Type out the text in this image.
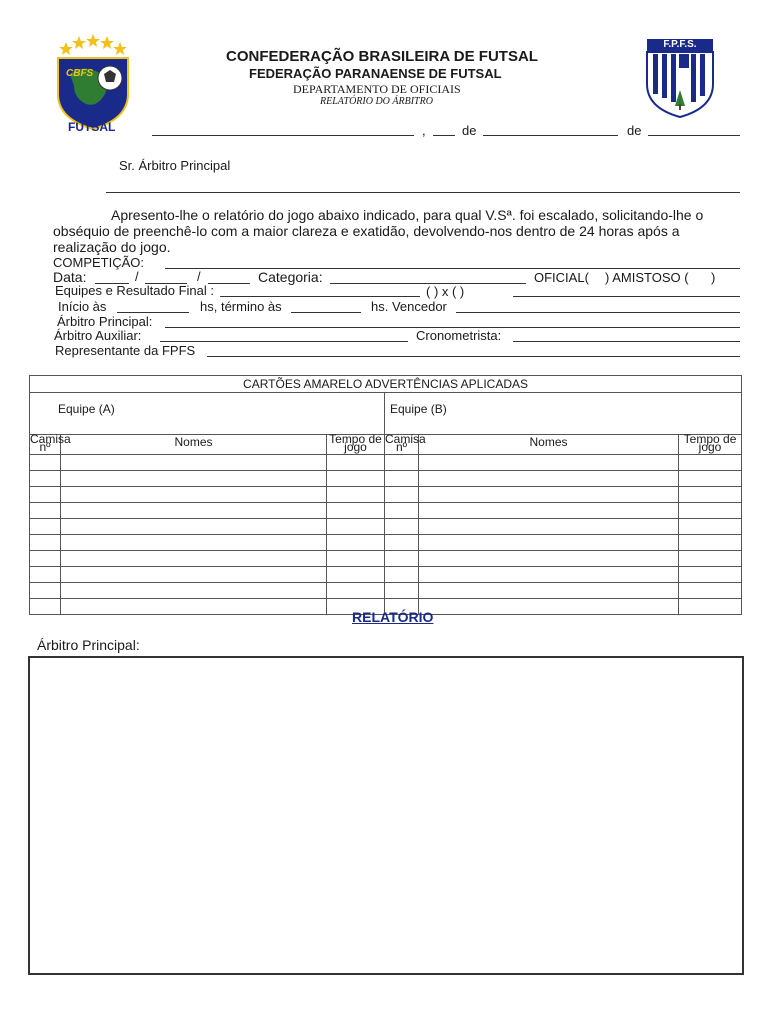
CBFS
FUTSAL
F.P.F.S.
CONFEDERAÇÃO BRASILEIRA DE FUTSAL
FEDERAÇÃO PARANAENSE DE FUTSAL
DEPARTAMENTO DE OFICIAIS
RELATÓRIO DO ÁRBITRO
,	de	de
Sr. Árbitro Principal
Apresento-lhe o relatório do jogo abaixo indicado, para qual V.Sª. foi escalado, solicitando-lhe o obséquio de preenchê-lo com a maior clareza e exatidão, devolvendo-nos dentro de 24 horas após a realização do jogo.
COMPETIÇÃO:
Data:	/	/	Categoria:	OFICIAL( ) AMISTOSO ( )
Equipes e Resultado Final :	( ) x ( )
Início às	hs, término às	hs. Vencedor
Árbitro Principal:
Árbitro Auxiliar:	Cronometrista:
Representante da FPFS
CARTÕES AMARELO ADVERTÊNCIAS APLICADAS					
Equipe (A)			Equipe (B)		
Camisa nº	Nomes	Tempo de jogo	Camisa nº	Nomes	Tempo de jogo

RELATÓRIO
Árbitro Principal:
